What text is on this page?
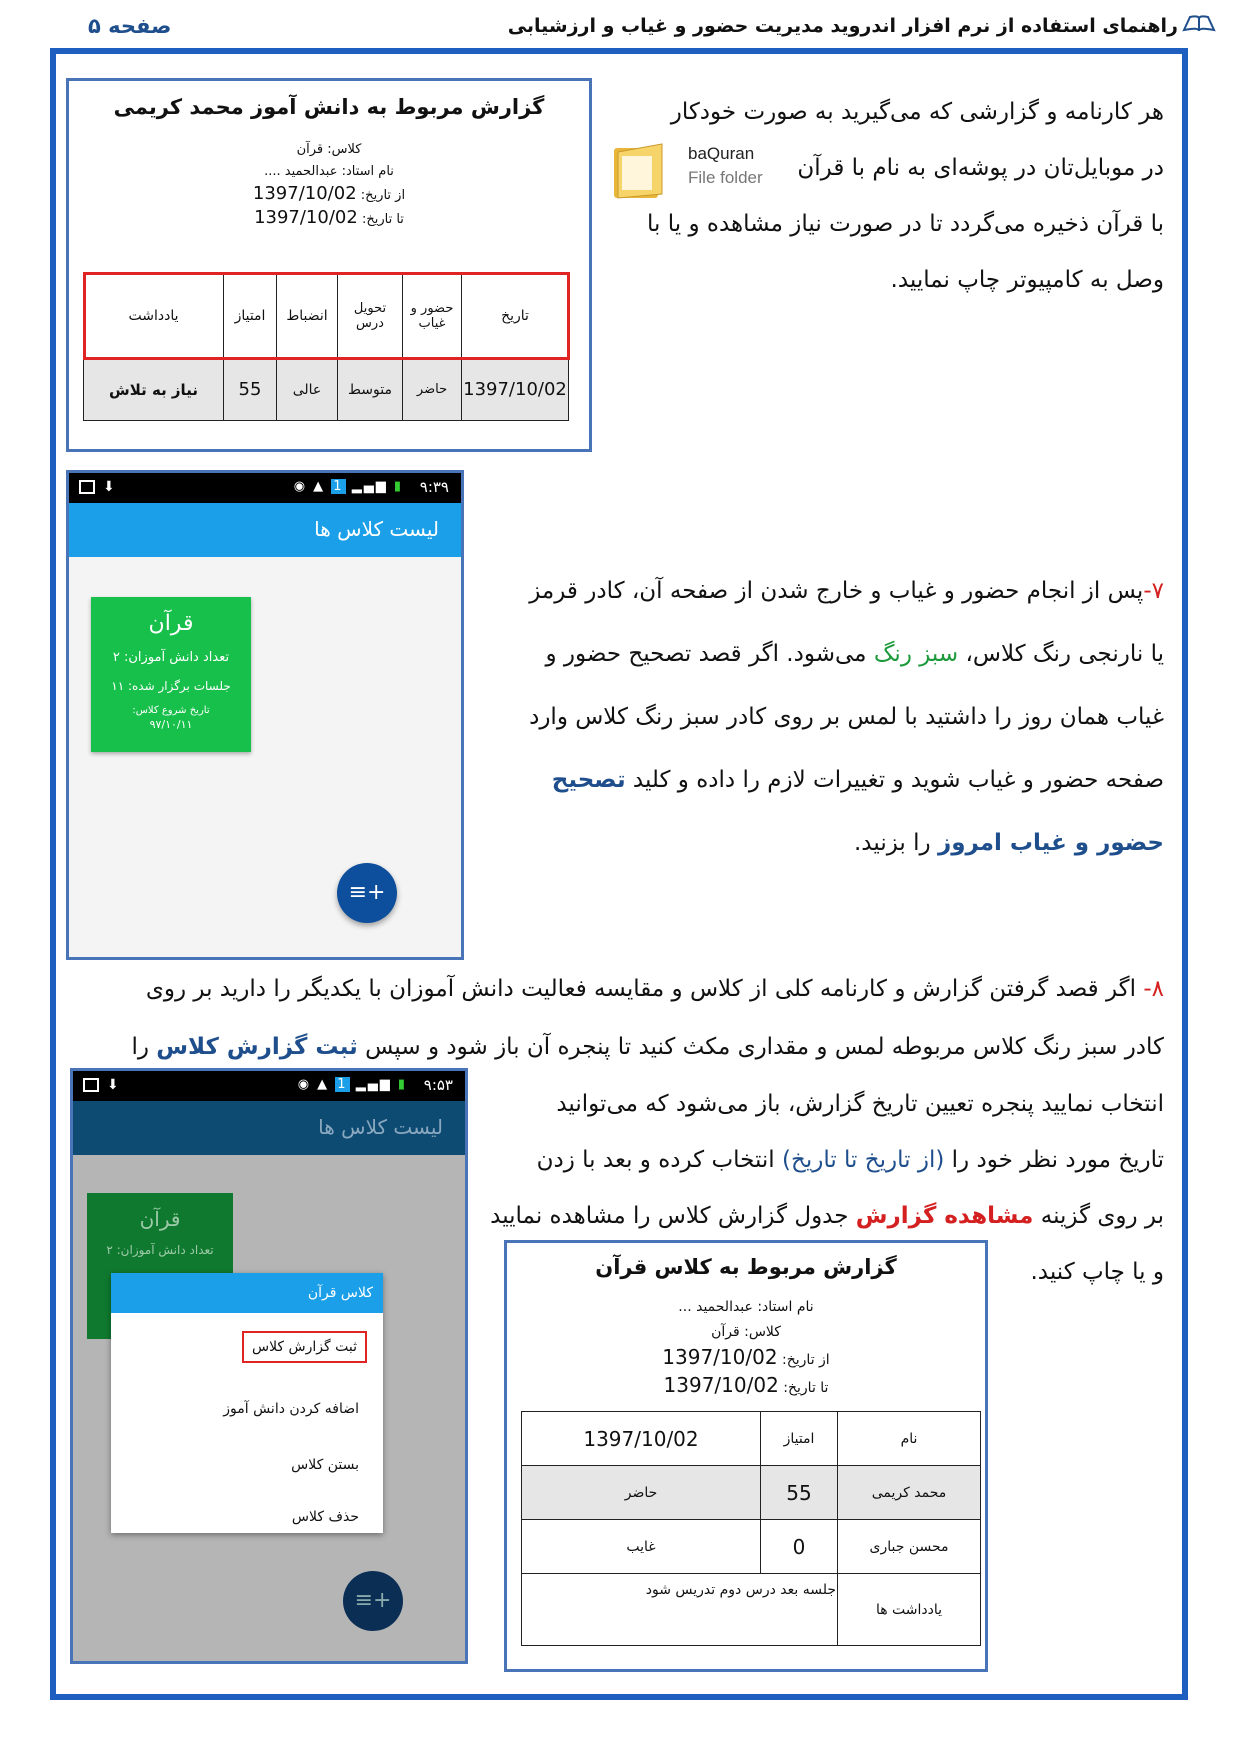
راهنمای استفاده از نرم افزار اندروید مدیریت حضور و غیاب و ارزشیابی
صفحه ۵
هر کارنامه و گزارشی که می‌گیرید به صورت خودکار
در موبایل‌تان در پوشه‌ای به نام با قرآن
با قرآن ذخیره می‌گردد تا در صورت نیاز مشاهده و یا با
وصل به کامپیوتر چاپ نمایید.
baQuran
File folder
گزارش مربوط به دانش آموز محمد کریمی
کلاس: قرآن
نام استاد: عبدالحمید ....
از تاریخ: 1397/10/02
تا تاریخ: 1397/10/02
تاریخ	حضور و غیاب	تحویل درس	انضباط	امتیاز	یادداشت
1397/10/02	حاضر	متوسط	عالی	55	نیاز به تلاش
⬇	◉ ▲ 1 ▂▄▆ ▮ ۹:۳۹
لیست کلاس ها
قرآن
تعداد دانش آموزان: ۲
جلسات برگزار شده: ۱۱
تاریخ شروع کلاس:
۹۷/۱۰/۱۱
≡+
۷-پس از انجام حضور و غیاب و خارج شدن از صفحه آن، کادر قرمز
یا نارنجی رنگ کلاس، سبز رنگ می‌شود. اگر قصد تصحیح حضور و
غیاب همان روز را داشتید با لمس بر روی کادر سبز رنگ کلاس وارد
صفحه حضور و غیاب شوید و تغییرات لازم را داده و کلید تصحیح
حضور و غیاب امروز را بزنید.
۸- اگر قصد گرفتن گزارش و کارنامه کلی از کلاس و مقایسه فعالیت دانش آموزان با یکدیگر را دارید بر روی
کادر سبز رنگ کلاس مربوطه لمس و مقداری مکث کنید تا پنجره آن باز شود و سپس ثبت گزارش کلاس را
انتخاب نمایید پنجره تعیین تاریخ گزارش، باز می‌شود که می‌توانید
تاریخ مورد نظر خود را (از تاریخ تا تاریخ) انتخاب کرده و بعد با زدن
بر روی گزینه مشاهده گزارش جدول گزارش کلاس را مشاهده نمایید
و یا چاپ کنید.
⬇	◉ ▲ 1 ▂▄▆ ▮ ۹:۵۳
لیست کلاس ها
قرآن
تعداد دانش آموزان: ۲
کلاس قرآن
ثبت گزارش کلاس
اضافه کردن دانش آموز
بستن کلاس
حذف کلاس
≡+
گزارش مربوط به کلاس قرآن
نام استاد: عبدالحمید ...
کلاس: قرآن
از تاریخ: 1397/10/02
تا تاریخ: 1397/10/02
نام	امتیاز	1397/10/02
محمد کریمی	55	حاضر
محسن جباری	0	غایب
یادداشت ها	جلسه بعد درس دوم تدریس شود	
